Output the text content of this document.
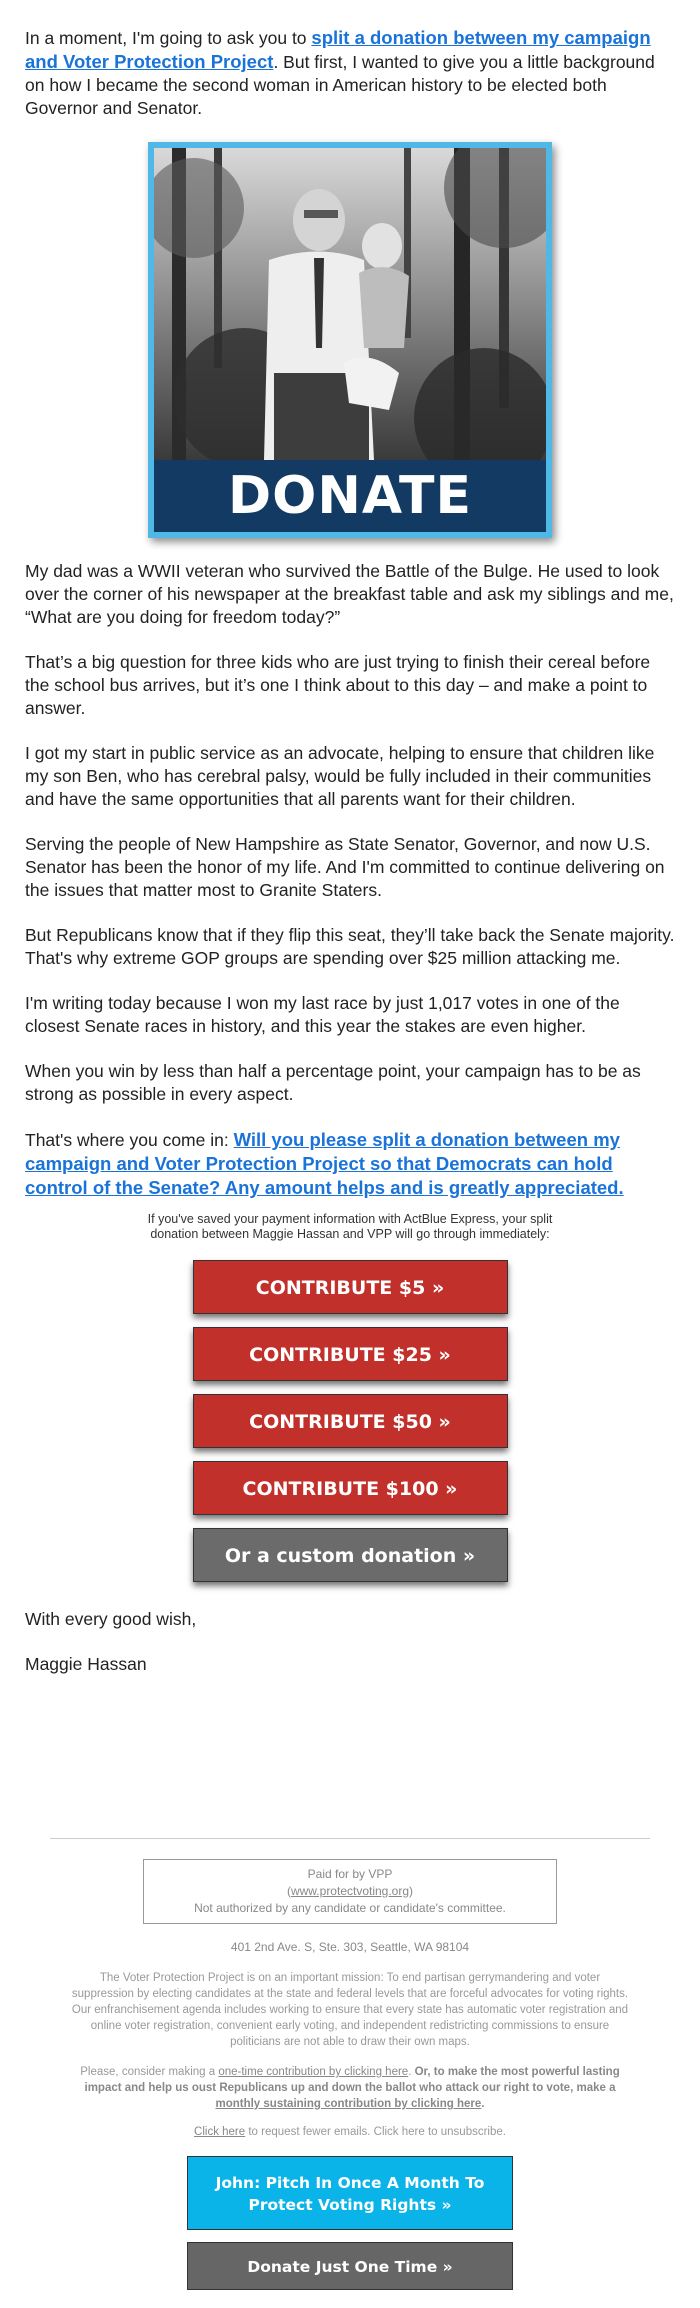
In a moment, I'm going to ask you to split a donation between my campaign and Voter Protection Project. But first, I wanted to give you a little background on how I became the second woman in American history to be elected both Governor and Senator.

DONATE

My dad was a WWII veteran who survived the Battle of the Bulge. He used to look over the corner of his newspaper at the breakfast table and ask my siblings and me, “What are you doing for freedom today?”

That’s a big question for three kids who are just trying to finish their cereal before the school bus arrives, but it’s one I think about to this day – and make a point to answer.

I got my start in public service as an advocate, helping to ensure that children like my son Ben, who has cerebral palsy, would be fully included in their communities and have the same opportunities that all parents want for their children.

Serving the people of New Hampshire as State Senator, Governor, and now U.S. Senator has been the honor of my life. And I'm committed to continue delivering on the issues that matter most to Granite Staters.

But Republicans know that if they flip this seat, they’ll take back the Senate majority. That's why extreme GOP groups are spending over $25 million attacking me.

I'm writing today because I won my last race by just 1,017 votes in one of the closest Senate races in history, and this year the stakes are even higher.

When you win by less than half a percentage point, your campaign has to be as strong as possible in every aspect.

That's where you come in: Will you please split a donation between my campaign and Voter Protection Project so that Democrats can hold control of the Senate? Any amount helps and is greatly appreciated.

If you've saved your payment information with ActBlue Express, your split donation between Maggie Hassan and VPP will go through immediately:
CONTRIBUTE $5 »
CONTRIBUTE $25 »
CONTRIBUTE $50 »
CONTRIBUTE $100 »
Or a custom donation »

With every good wish,

Maggie Hassan

Paid for by VPP
(www.protectvoting.org)
Not authorized by any candidate or candidate's committee.
401 2nd Ave. S, Ste. 303, Seattle, WA 98104
The Voter Protection Project is on an important mission: To end partisan gerrymandering and voter suppression by electing candidates at the state and federal levels that are forceful advocates for voting rights. Our enfranchisement agenda includes working to ensure that every state has automatic voter registration and online voter registration, convenient early voting, and independent redistricting commissions to ensure politicians are not able to draw their own maps.
Please, consider making a one-time contribution by clicking here. Or, to make the most powerful lasting impact and help us oust Republicans up and down the ballot who attack our right to vote, make a monthly sustaining contribution by clicking here.
Click here to request fewer emails. Click here to unsubscribe.
John: Pitch In Once A Month To Protect Voting Rights »
Donate Just One Time »
